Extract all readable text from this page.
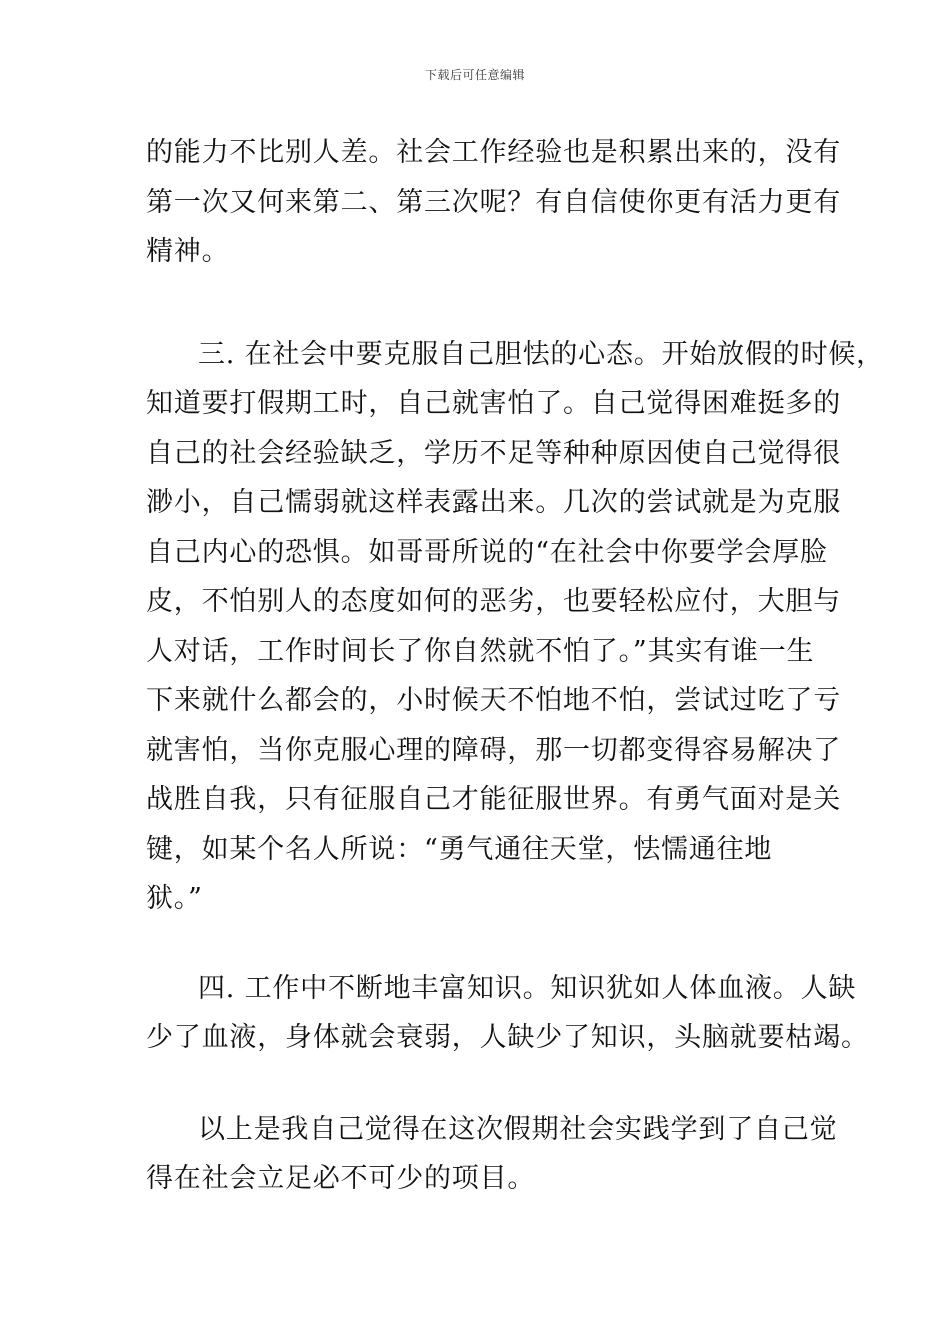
下载后可任意编辑
的能力不比别人差。社会工作经验也是积累出来的，没有
第一次又何来第二、第三次呢？有自信使你更有活力更有
精神。
三. 在社会中要克服自己胆怯的心态。开始放假的时候，
知道要打假期工时，自己就害怕了。自己觉得困难挺多的
自己的社会经验缺乏，学历不足等种种原因使自己觉得很
渺小，自己懦弱就这样表露出来。几次的尝试就是为克服
自己内心的恐惧。如哥哥所说的“在社会中你要学会厚脸
皮，不怕别人的态度如何的恶劣，也要轻松应付，大胆与
人对话，工作时间长了你自然就不怕了。”其实有谁一生
下来就什么都会的，小时候天不怕地不怕，尝试过吃了亏
就害怕，当你克服心理的障碍，那一切都变得容易解决了
战胜自我，只有征服自己才能征服世界。有勇气面对是关
键，如某个名人所说：“勇气通往天堂，怯懦通往地
狱。”
四. 工作中不断地丰富知识。知识犹如人体血液。人缺
少了血液，身体就会衰弱，人缺少了知识，头脑就要枯竭。
以上是我自己觉得在这次假期社会实践学到了自己觉
得在社会立足必不可少的项目。
